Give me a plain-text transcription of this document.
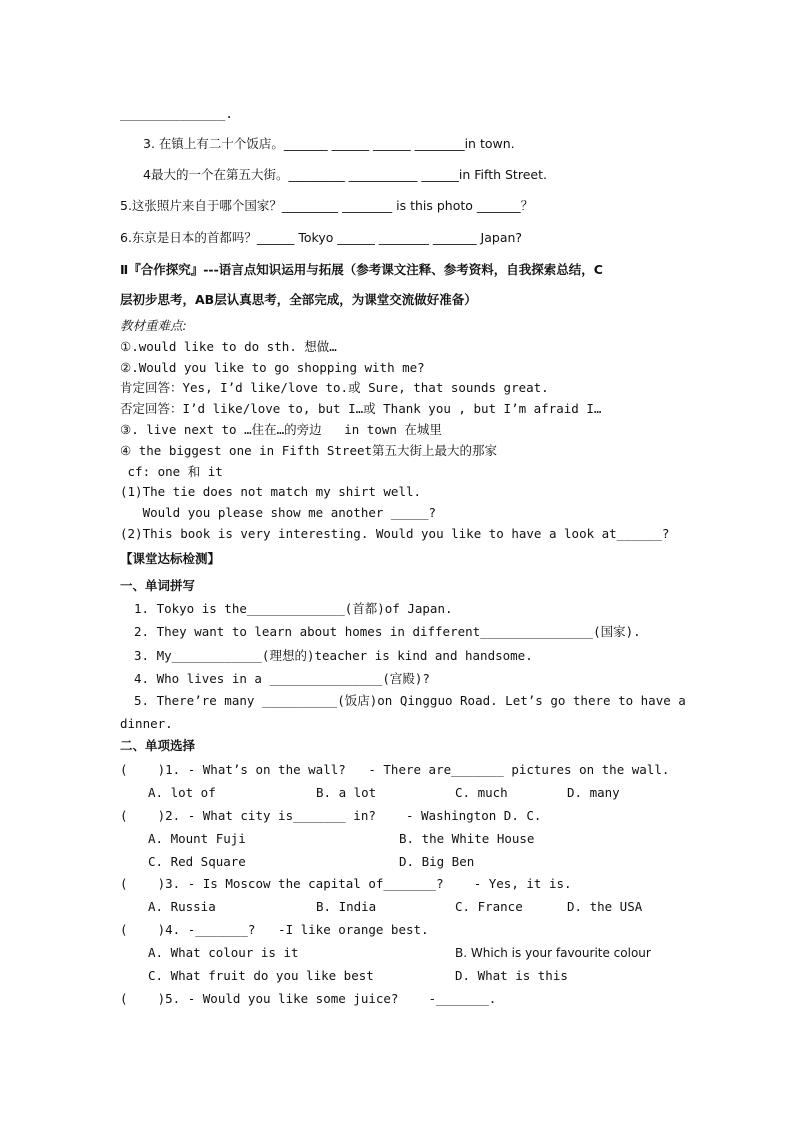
______________.
3. 在镇上有二十个饭店。_______ ______ ______ ________in town.
4最大的一个在第五大街。_________ ___________ ______in Fifth Street.
5.这张照片来自于哪个国家？_________ ________ is this photo _______？
6.东京是日本的首都吗？______ Tokyo ______ ________ _______ Japan?
Ⅱ『合作探究』---语言点知识运用与拓展（参考课文注释、参考资料，自我探索总结，C
层初步思考，AB层认真思考，全部完成，为课堂交流做好准备）
教材重难点:
①.would like to do sth. 想做…
②.Would you like to go shopping with me?
肯定回答：Yes, I’d like/love to.或 Sure, that sounds great.
否定回答：I’d like/love to, but I…或 Thank you , but I’m afraid I…
③. live next to …住在…的旁边   in town 在城里
④ the biggest one in Fifth Street第五大街上最大的那家
cf: one 和 it
(1)The tie does not match my shirt well.
Would you please show me another _____?
(2)This book is very interesting. Would you like to have a look at______?
【课堂达标检测】
一、单词拼写
1. Tokyo is the_____________(首都)of Japan.
2. They want to learn about homes in different_______________(国家).
3. My____________(理想的)teacher is kind and handsome.
4. Who lives in a _______________(宫殿)?
5. There’re many __________(饭店)on Qingguo Road. Let’s go there to have a
dinner.
二、单项选择
(    )1. - What’s on the wall?   - There are_______ pictures on the wall.
A. lot of	B. a lot	C. much	D. many
(    )2. - What city is_______ in?    - Washington D. C.
A. Mount Fuji	B. the White House
C. Red Square	D. Big Ben
(    )3. - Is Moscow the capital of_______?    - Yes, it is.
A. Russia	B. India	C. France	D. the USA
(    )4. -_______?   -I like orange best.
A. What colour is it	B. Which is your favourite colour
C. What fruit do you like best	D. What is this
(    )5. - Would you like some juice?    -_______.
